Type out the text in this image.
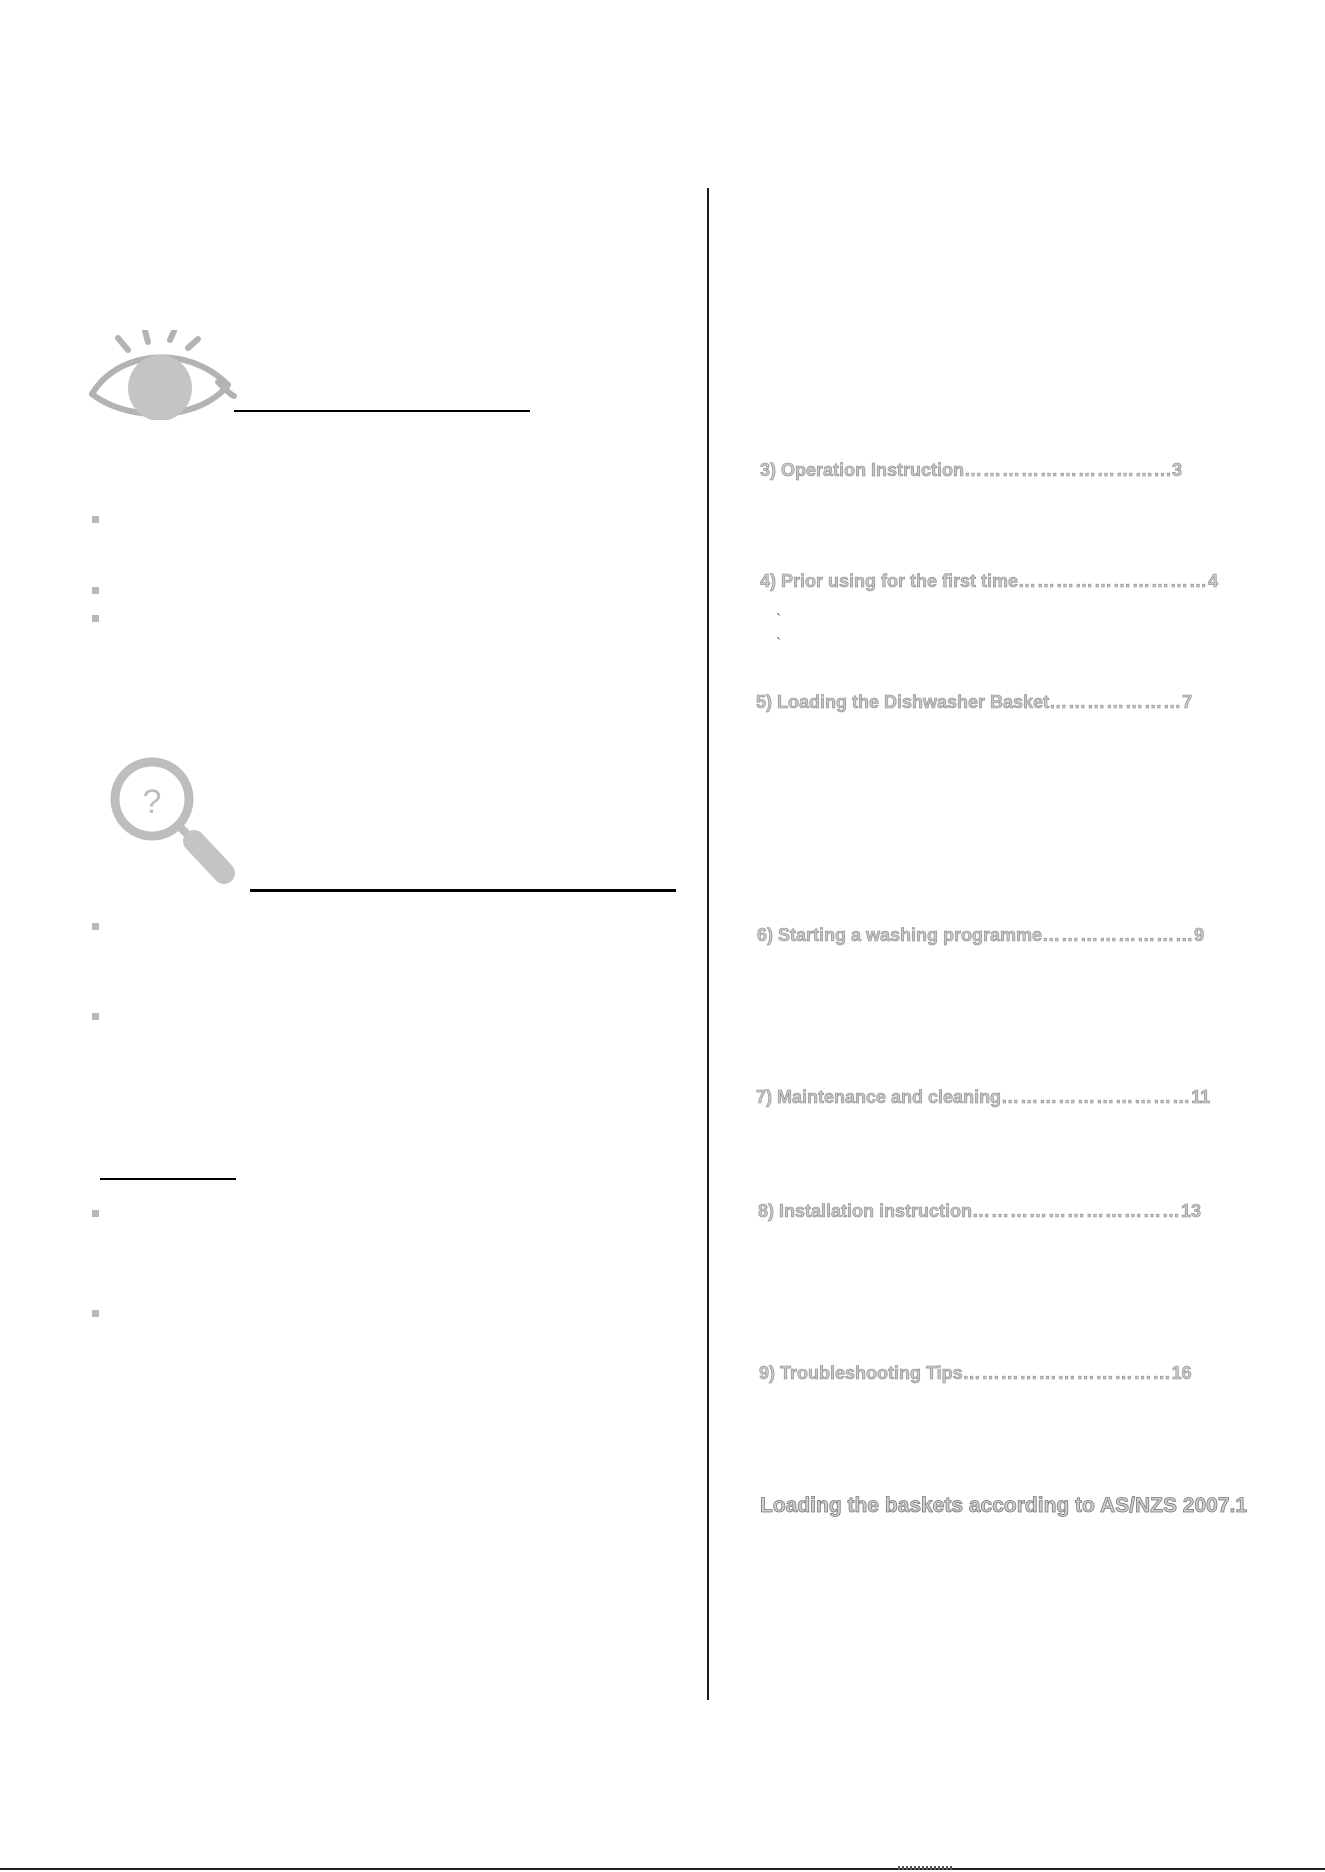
?
3) Operation Instruction…………………………...3
4) Prior using for the first time…………………………4
`
`
5) Loading the Dishwasher Basket…………………7
6) Starting a washing programme……………………9
7) Maintenance and cleaning…………………………11
8) Installation instruction……………………………13
9) Troubleshooting Tips……………………………16
Loading the baskets according to AS/NZS 2007.1
